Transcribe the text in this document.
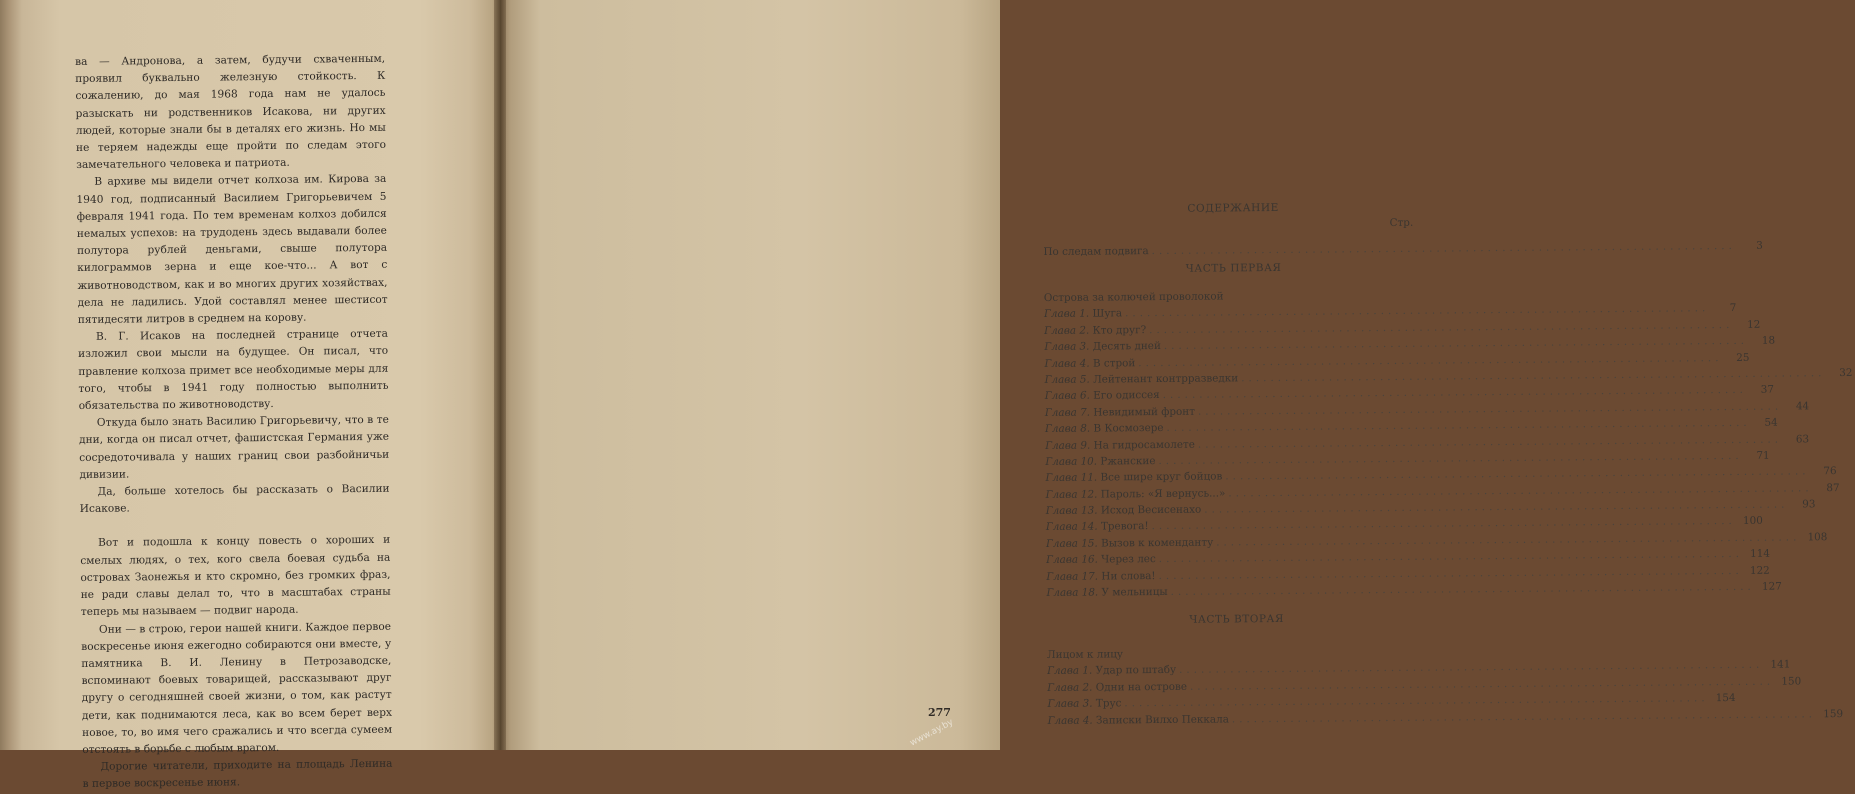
ва — Андронова, а затем, будучи схваченным, проявил буквально железную стойкость. К сожалению, до мая 1968 года нам не удалось разыскать ни родственников Исакова, ни других людей, которые знали бы в деталях его жизнь. Но мы не теряем надежды еще пройти по следам этого замечательного человека и патриота.

В архиве мы видели отчет колхоза им. Кирова за 1940 год, подписанный Василием Григорьевичем 5 февраля 1941 года. По тем временам колхоз добился немалых успехов: на трудодень здесь выдавали более полутора рублей деньгами, свыше полутора килограммов зерна и еще кое-что... А вот с животноводством, как и во многих других хозяйствах, дела не ладились. Удой составлял менее шестисот пятидесяти литров в среднем на корову.

В. Г. Исаков на последней странице отчета изложил свои мысли на будущее. Он писал, что правление колхоза примет все необходимые меры для того, чтобы в 1941 году полностью выполнить обязательства по животноводству.

Откуда было знать Василию Григорьевичу, что в те дни, когда он писал отчет, фашистская Германия уже сосредоточивала у наших границ свои разбойничьи дивизии.

Да, больше хотелось бы рассказать о Василии Исакове.

Вот и подошла к концу повесть о хороших и смелых людях, о тех, кого свела боевая судьба на островах Заонежья и кто скромно, без громких фраз, не ради славы делал то, что в масштабах страны теперь мы называем — подвиг народа.

Они — в строю, герои нашей книги. Каждое первое воскресенье июня ежегодно собираются они вместе, у памятника В. И. Ленину в Петрозаводске, вспоминают боевых товарищей, рассказывают друг другу о сегодняшней своей жизни, о том, как растут дети, как поднимаются леса, как во всем берет верх новое, то, во имя чего сражались и что всегда сумеем отстоять в борьбе с любым врагом.

Дорогие читатели, приходите на площадь Ленина в первое воскресенье июня.

СОДЕРЖАНИЕ
Стр.
По следам подвига ................................................................................	3
ЧАСТЬ ПЕРВАЯ
Острова за колючей проволокой
Глава 1. Шуга ................................................................................	7
Глава 2. Кто друг? ................................................................................	12
Глава 3. Десять дней ................................................................................	18
Глава 4. В строй ................................................................................	25
Глава 5. Лейтенант контрразведки ................................................................................	32
Глава 6. Его одиссея ................................................................................	37
Глава 7. Невидимый фронт ................................................................................	44
Глава 8. В Космозере ................................................................................	54
Глава 9. На гидросамолете ................................................................................	63
Глава 10. Ржанские ................................................................................	71
Глава 11. Все шире круг бойцов ................................................................................	76
Глава 12. Пароль: «Я вернусь...» ................................................................................	87
Глава 13. Исход Весисенахо ................................................................................	93
Глава 14. Тревога! ................................................................................ 100
Глава 15. Вызов к коменданту ................................................................................ 108
Глава 16. Через лес ................................................................................ 114
Глава 17. Ни слова! ................................................................................ 122
Глава 18. У мельницы ................................................................................ 127
ЧАСТЬ ВТОРАЯ
Лицом к лицу
Глава 1. Удар по штабу ................................................................................ 141
Глава 2. Одни на острове ................................................................................ 150
Глава 3. Трус ................................................................................ 154
Глава 4. Записки Вилхо Пеккала ................................................................................ 159
277
www.ay.by
